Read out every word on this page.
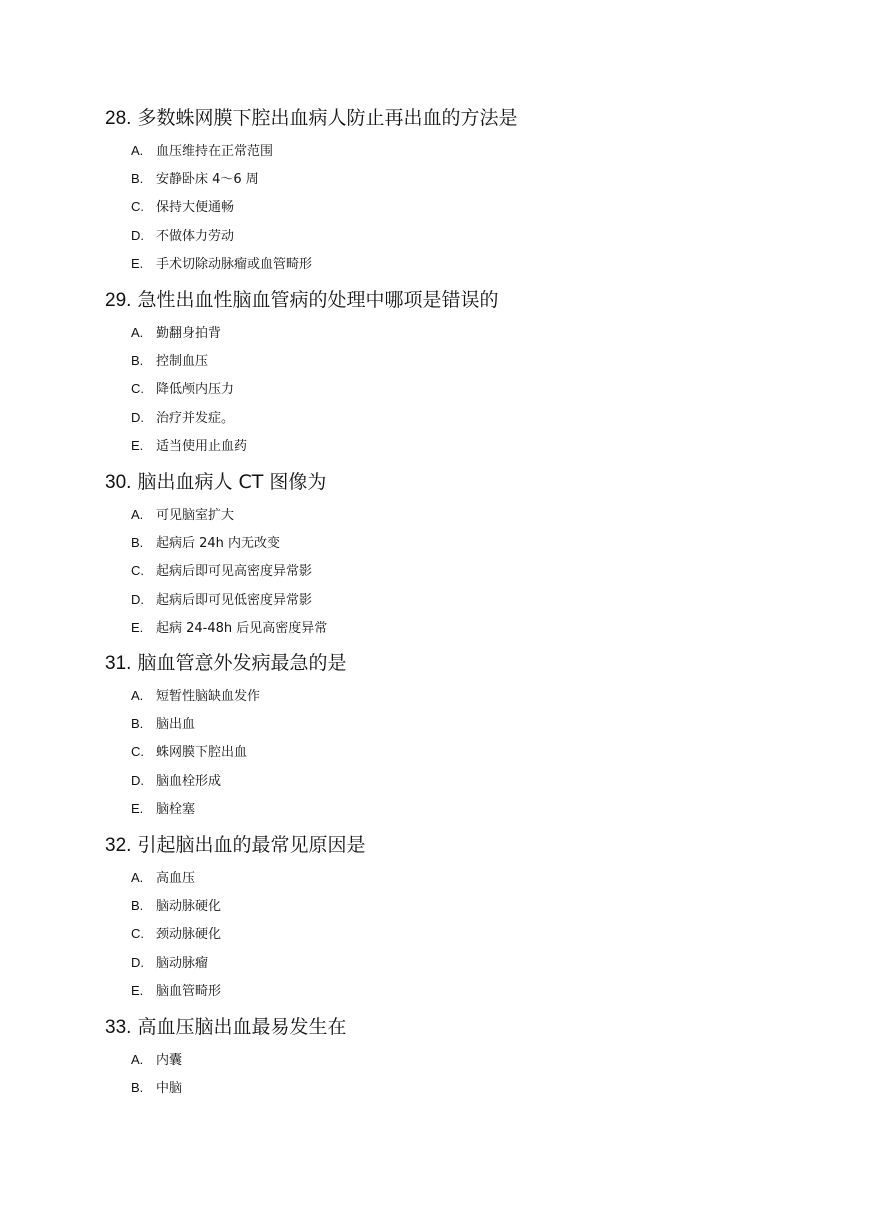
28. 多数蛛网膜下腔出血病人防止再出血的方法是
A. 血压维持在正常范围
B. 安静卧床 4～6 周
C. 保持大便通畅
D. 不做体力劳动
E. 手术切除动脉瘤或血管畸形
29. 急性出血性脑血管病的处理中哪项是错误的
A. 勤翻身拍背
B. 控制血压
C. 降低颅内压力
D. 治疗并发症。
E. 适当使用止血药
30. 脑出血病人 CT 图像为
A. 可见脑室扩大
B. 起病后 24h 内无改变
C. 起病后即可见高密度异常影
D. 起病后即可见低密度异常影
E. 起病 24-48h 后见高密度异常
31. 脑血管意外发病最急的是
A. 短暂性脑缺血发作
B. 脑出血
C. 蛛网膜下腔出血
D. 脑血栓形成
E. 脑栓塞
32. 引起脑出血的最常见原因是
A. 高血压
B. 脑动脉硬化
C. 颈动脉硬化
D. 脑动脉瘤
E. 脑血管畸形
33. 高血压脑出血最易发生在
A. 内囊
B. 中脑
